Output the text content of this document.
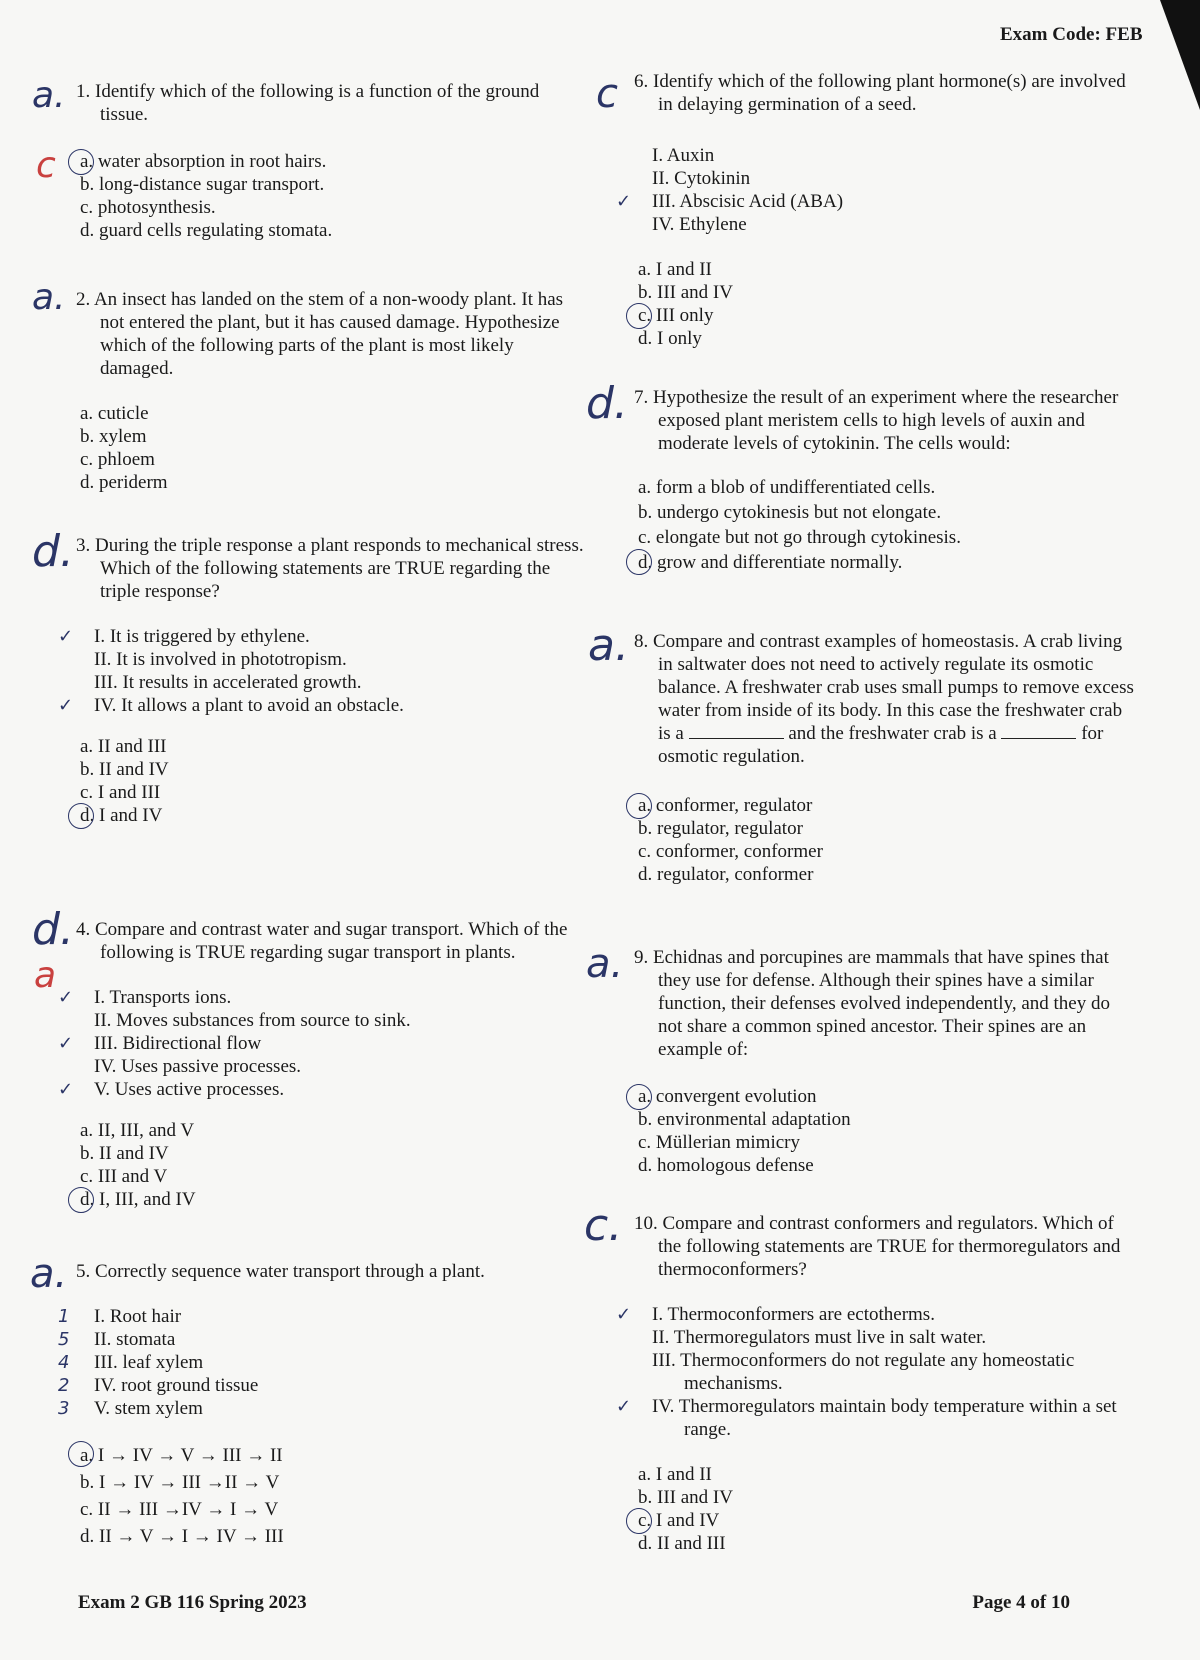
Exam Code: FEB
a. 1. Identify which of the following is a function of the ground tissue.
c	a. water absorption in root hairs.
b. long-distance sugar transport.
c. photosynthesis.
d. guard cells regulating stomata.
a. 2. An insect has landed on the stem of a non-woody plant. It has not entered the plant, but it has caused damage. Hypothesize which of the following parts of the plant is most likely damaged.
a. cuticle
b. xylem
c. phloem
d. periderm
d. 3. During the triple response a plant responds to mechanical stress. Which of the following statements are TRUE regarding the triple response?
✓ I. It is triggered by ethylene.
II. It is involved in phototropism.
III. It results in accelerated growth.
✓ IV. It allows a plant to avoid an obstacle.
a. II and III
b. II and IV
c. I and III
d. I and IV
d.
a
4. Compare and contrast water and sugar transport. Which of the following is TRUE regarding sugar transport in plants.
✓ I. Transports ions.
II. Moves substances from source to sink.
✓ III. Bidirectional flow
IV. Uses passive processes.
✓ V. Uses active processes.
a. II, III, and V
b. II and IV
c. III and V
d. I, III, and IV
a. 5. Correctly sequence water transport through a plant.
1 I. Root hair
5 II. stomata
4 III. leaf xylem
2 IV. root ground tissue
3 V. stem xylem
a. I → IV → V → III → II
b. I → IV → III →II → V
c. II → III →IV → I → V
d. II → V → I → IV → III
c 6. Identify which of the following plant hormone(s) are involved in delaying germination of a seed.
I. Auxin
II. Cytokinin
✓ III. Abscisic Acid (ABA)
IV. Ethylene
a. I and II
b. III and IV
c. III only
d. I only
d. 7. Hypothesize the result of an experiment where the researcher exposed plant meristem cells to high levels of auxin and moderate levels of cytokinin. The cells would:
a. form a blob of undifferentiated cells.
b. undergo cytokinesis but not elongate.
c. elongate but not go through cytokinesis.
d. grow and differentiate normally.
a. 8. Compare and contrast examples of homeostasis. A crab living in saltwater does not need to actively regulate its osmotic balance. A freshwater crab uses small pumps to remove excess water from inside of its body. In this case the freshwater crab is a	and the freshwater crab is a	for osmotic regulation.
a. conformer, regulator
b. regulator, regulator
c. conformer, conformer
d. regulator, conformer
a. 9. Echidnas and porcupines are mammals that have spines that they use for defense. Although their spines have a similar function, their defenses evolved independently, and they do not share a common spined ancestor. Their spines are an example of:
a. convergent evolution
b. environmental adaptation
c. Müllerian mimicry
d. homologous defense
c. 10. Compare and contrast conformers and regulators. Which of the following statements are TRUE for thermoregulators and thermoconformers?
✓ I. Thermoconformers are ectotherms.
II. Thermoregulators must live in salt water.
III. Thermoconformers do not regulate any homeostatic mechanisms.
✓	IV. Thermoregulators maintain body temperature within a set range.
a. I and II
b. III and IV
c. I and IV
d. II and III
Exam 2 GB 116 Spring 2023	Page 4 of 10
